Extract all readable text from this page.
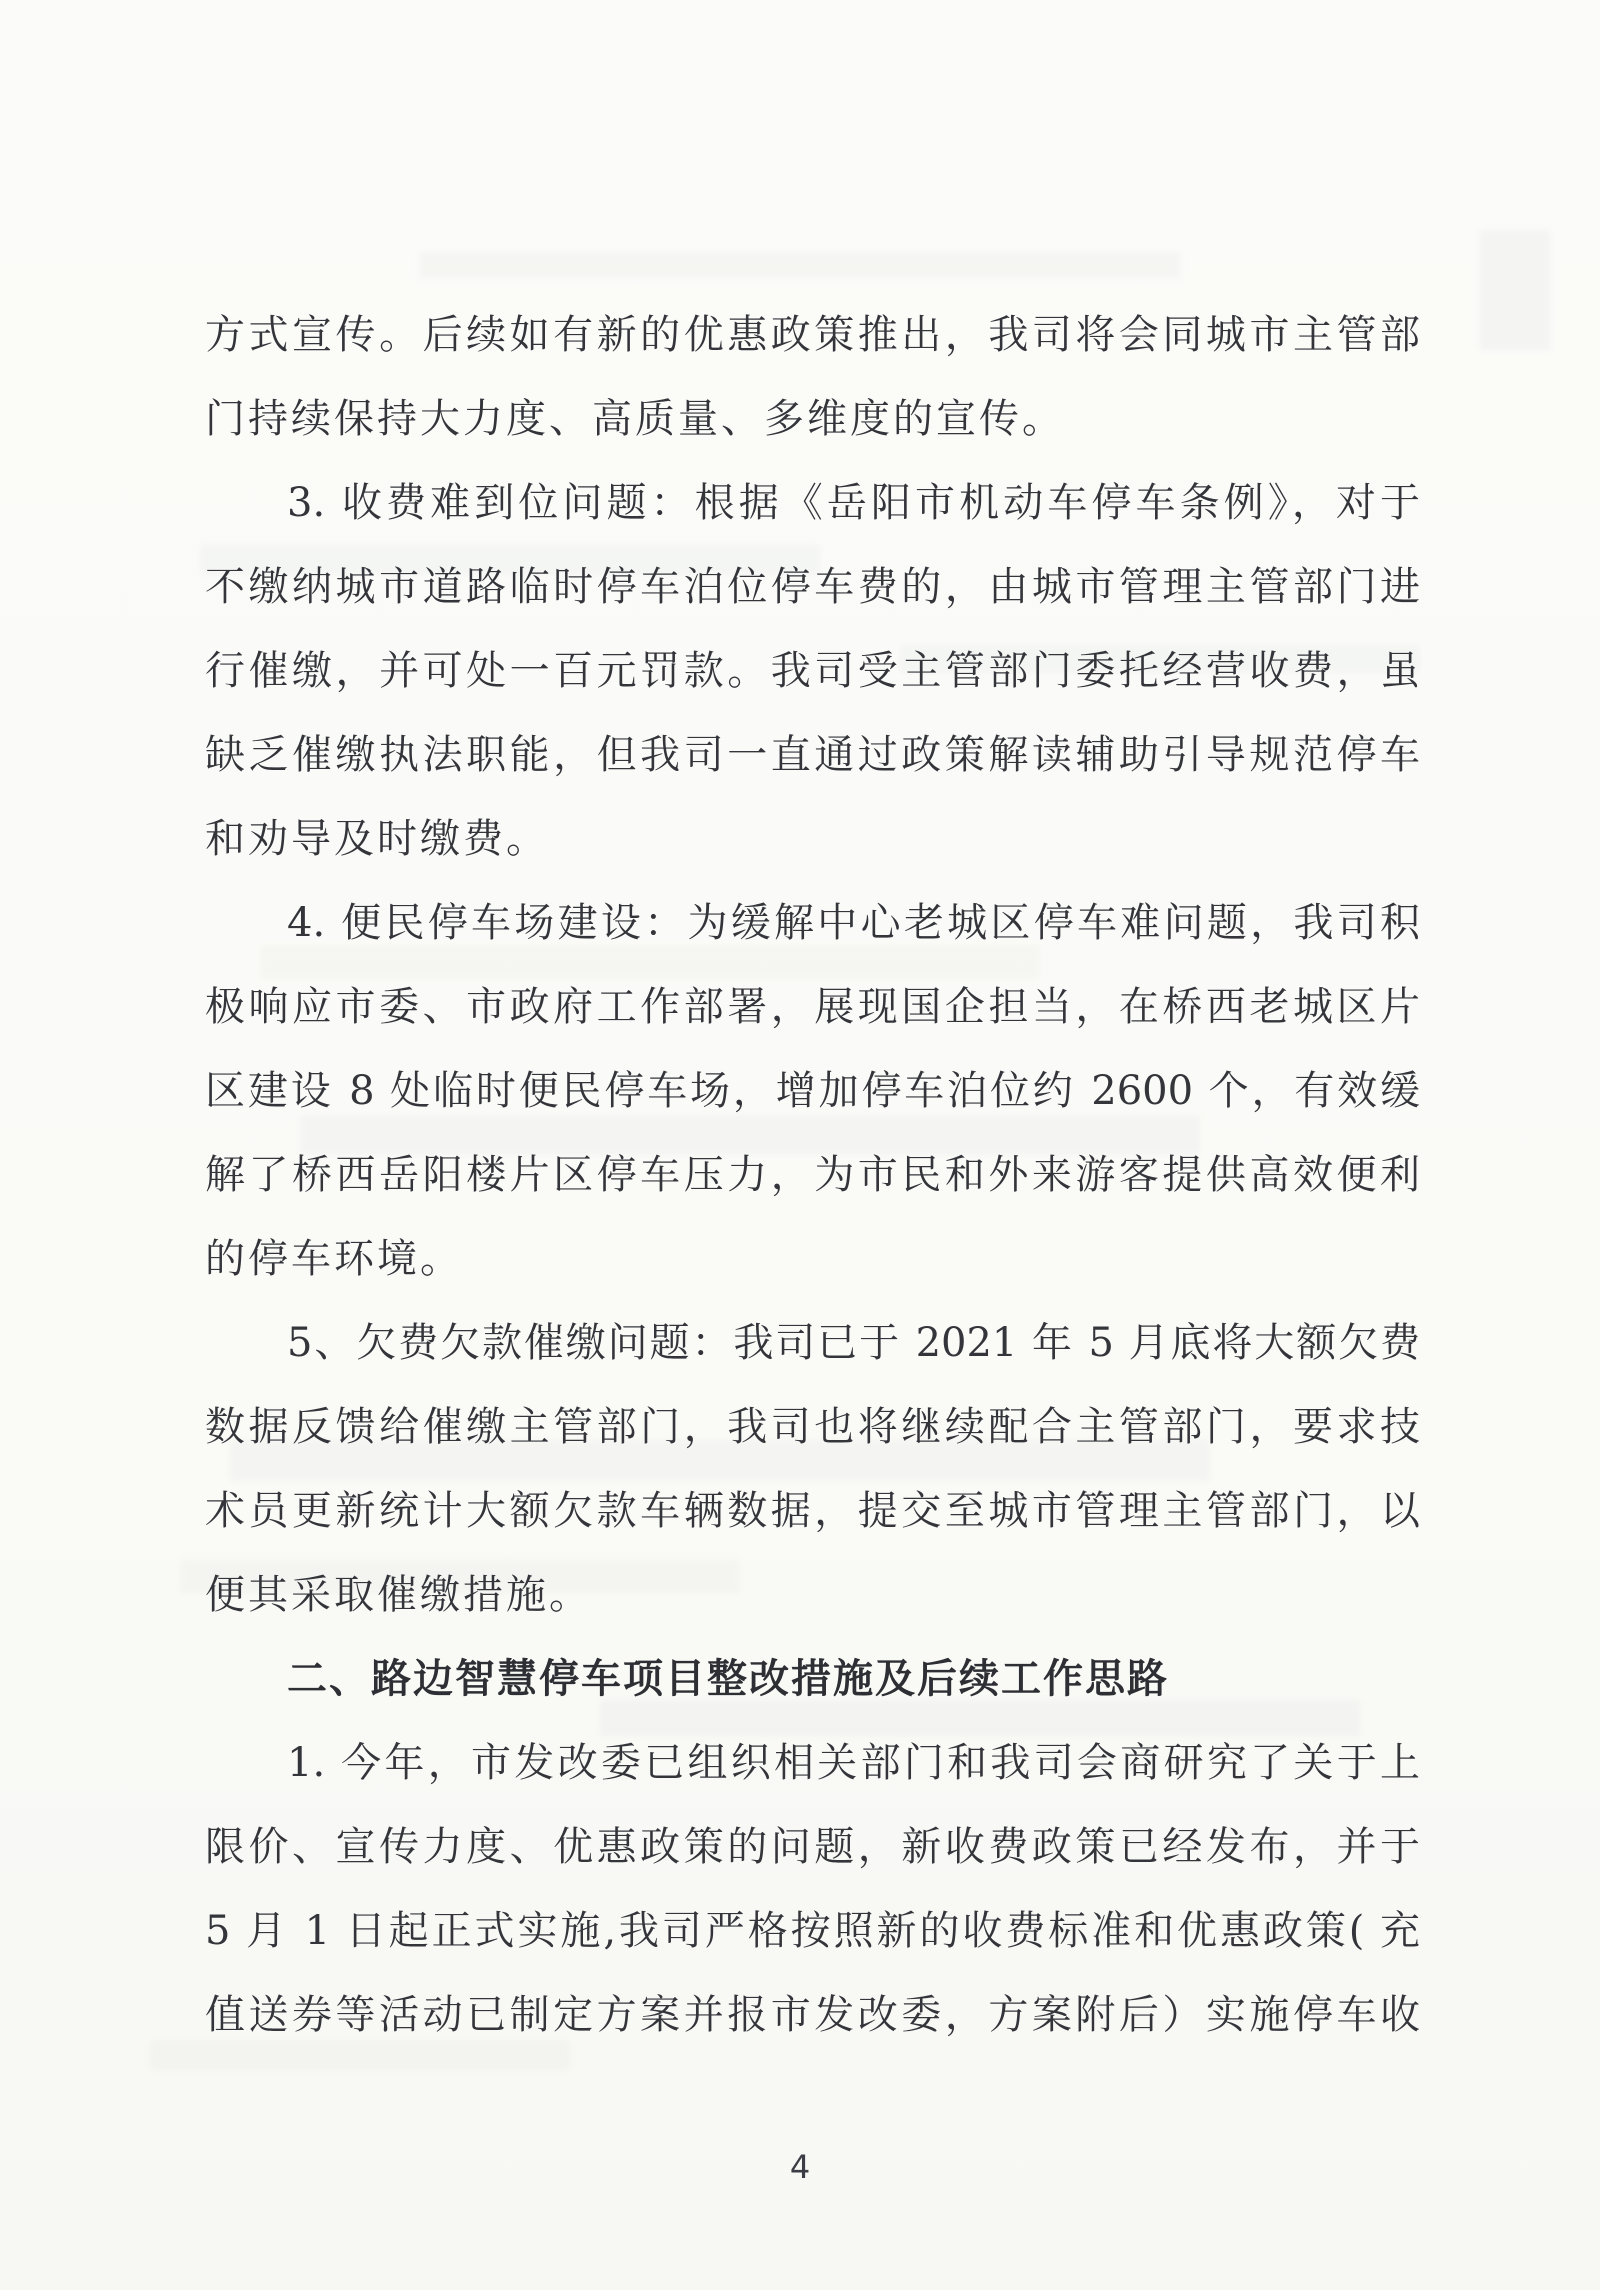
方式宣传。后续如有新的优惠政策推出，我司将会同城市主管部
门持续保持大力度、高质量、多维度的宣传。
3. 收费难到位问题：根据《岳阳市机动车停车条例》，对于
不缴纳城市道路临时停车泊位停车费的，由城市管理主管部门进
行催缴，并可处一百元罚款。我司受主管部门委托经营收费，虽
缺乏催缴执法职能，但我司一直通过政策解读辅助引导规范停车
和劝导及时缴费。
4. 便民停车场建设：为缓解中心老城区停车难问题，我司积
极响应市委、市政府工作部署，展现国企担当，在桥西老城区片
区建设 8 处临时便民停车场，增加停车泊位约 2600 个，有效缓
解了桥西岳阳楼片区停车压力，为市民和外来游客提供高效便利
的停车环境。
5、欠费欠款催缴问题：我司已于 2021 年 5 月底将大额欠费
数据反馈给催缴主管部门，我司也将继续配合主管部门，要求技
术员更新统计大额欠款车辆数据，提交至城市管理主管部门，以
便其采取催缴措施。
二、路边智慧停车项目整改措施及后续工作思路
1. 今年，市发改委已组织相关部门和我司会商研究了关于上
限价、宣传力度、优惠政策的问题，新收费政策已经发布，并于
5 月 1 日起正式实施,我司严格按照新的收费标准和优惠政策( 充
值送券等活动已制定方案并报市发改委，方案附后）实施停车收
4
